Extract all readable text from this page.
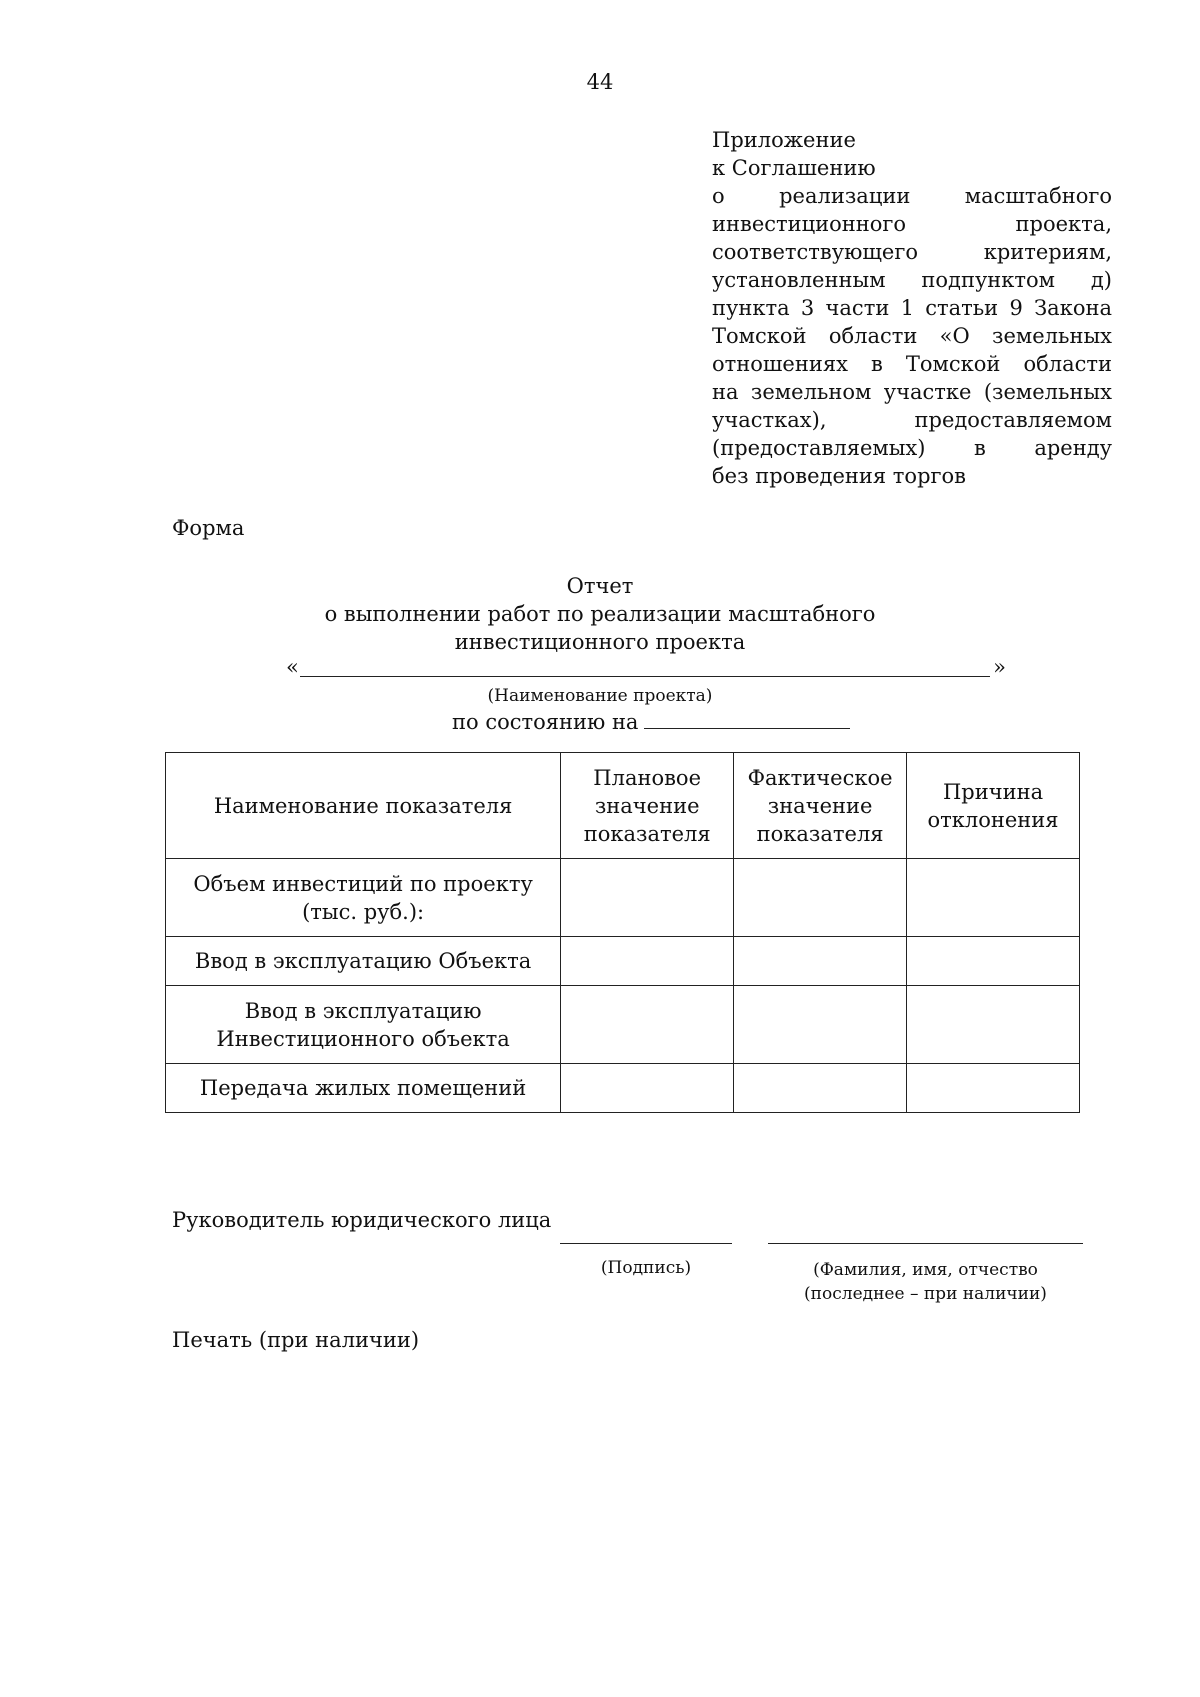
44
Приложение
к Соглашению
о реализации масштабного
инвестиционного проекта,
соответствующего критериям,
установленным подпунктом д)
пункта 3 части 1 статьи 9 Закона
Томской области «О земельных
отношениях в Томской области
на земельном участке (земельных
участках), предоставляемом
(предоставляемых) в аренду
без проведения торгов
Форма
Отчет
о выполнении работ по реализации масштабного
инвестиционного проекта
«	»
(Наименование проекта)
по состоянию на
Наименование показателя	Плановое значение показателя	Фактическое значение показателя	Причина отклонения
Объем инвестиций по проекту (тыс. руб.):			
Ввод в эксплуатацию Объекта			
Ввод в эксплуатацию Инвестиционного объекта			
Передача жилых помещений			
Руководитель юридического лица
(Подпись)	(Фамилия, имя, отчество
(последнее – при наличии)
Печать (при наличии)
